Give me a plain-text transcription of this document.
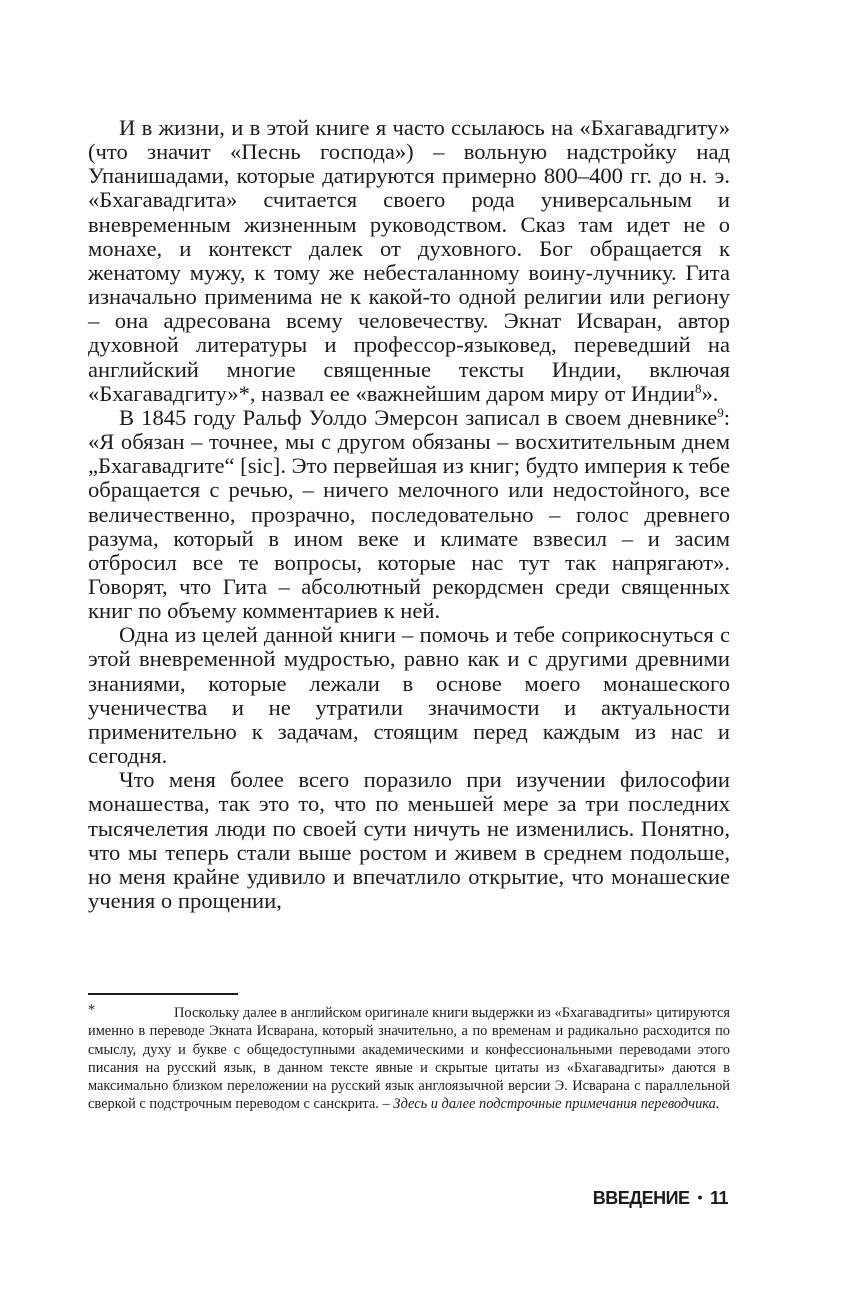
И в жизни, и в этой книге я часто ссылаюсь на «Бхагавадгиту» (что значит «Песнь господа») – вольную надстройку над Упанишадами, которые датируются примерно 800–400 гг. до н. э. «Бхагавадгита» считается своего рода универсальным и вневременным жизненным руководством. Сказ там идет не о монахе, и контекст далек от духовного. Бог обращается к женатому мужу, к тому же небесталанному воину-лучнику. Гита изначально применима не к какой-то одной религии или региону – она адресована всему человечеству. Экнат Исваран, автор духовной литературы и профессор-языковед, переведший на английский многие священные тексты Индии, включая «Бхагавадгиту»*, назвал ее «важнейшим даром миру от Индии$^8$».

В 1845 году Ральф Уолдо Эмерсон записал в своем дневнике$^9$: «Я обязан – точнее, мы с другом обязаны – восхитительным днем „Бхагавадгите“ [sic]. Это первейшая из книг; будто империя к тебе обращается с речью, – ничего мелочного или недостойного, все величественно, прозрачно, последовательно – голос древнего разума, который в ином веке и климате взвесил – и засим отбросил все те вопросы, которые нас тут так напрягают». Говорят, что Гита – абсолютный рекордсмен среди священных книг по объему комментариев к ней.

Одна из целей данной книги – помочь и тебе соприкоснуться с этой вневременной мудростью, равно как и с другими древними знаниями, которые лежали в основе моего монашеского ученичества и не утратили значимости и актуальности применительно к задачам, стоящим перед каждым из нас и сегодня.

Что меня более всего поразило при изучении философии монашества, так это то, что по меньшей мере за три последних тысячелетия люди по своей сути ничуть не изменились. Понятно, что мы теперь стали выше ростом и живем в среднем подольше, но меня крайне удивило и впечатлило открытие, что монашеские учения о прощении,

*	Поскольку далее в английском оригинале книги выдержки из «Бхагавадгиты» цитируются именно в переводе Экната Исварана, который значительно, а по временам и радикально расходится по смыслу, духу и букве с общедоступными академическими и конфессиональными переводами этого писания на русский язык, в данном тексте явные и скрытые цитаты из «Бхагавадгиты» даются в максимально близком переложении на русский язык англоязычной версии Э. Исварана с параллельной сверкой с подстрочным переводом с санскрита. – Здесь и далее подстрочные примечания переводчика.

ВВЕДЕНИЕ • 11
